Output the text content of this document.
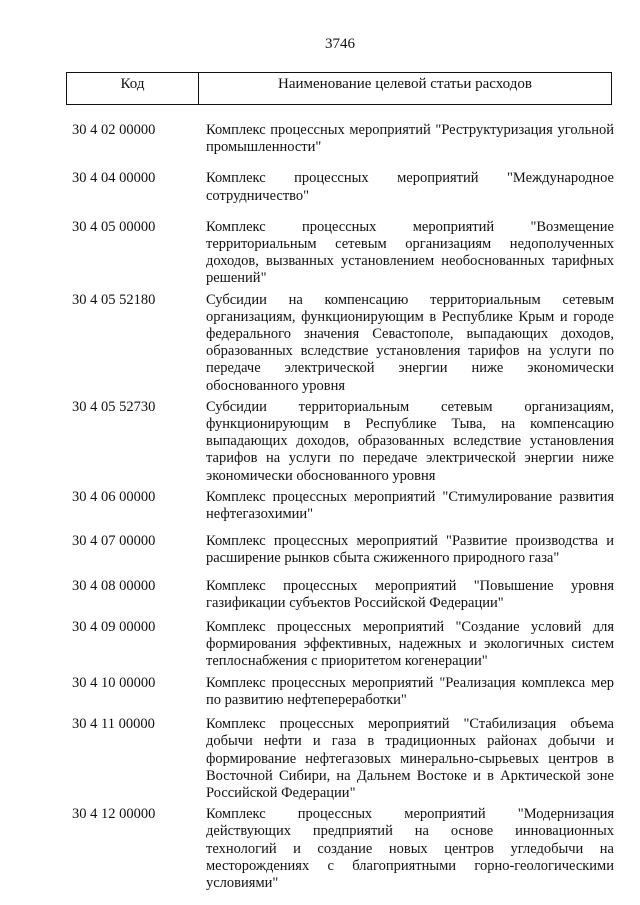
3746
Код	Наименование целевой статьи расходов
30 4 02 00000	Комплекс процессных мероприятий "Реструктуризация угольной промышленности"
30 4 04 00000	Комплекс процессных мероприятий "Международное сотрудничество"
30 4 05 00000	Комплекс процессных мероприятий "Возмещение территориальным сетевым организациям недополученных доходов, вызванных установлением необоснованных тарифных решений"
30 4 05 52180	Субсидии на компенсацию территориальным сетевым организациям, функционирующим в Республике Крым и городе федерального значения Севастополе, выпадающих доходов, образованных вследствие установления тарифов на услуги по передаче электрической энергии ниже экономически обоснованного уровня
30 4 05 52730	Субсидии территориальным сетевым организациям, функционирующим в Республике Тыва, на компенсацию выпадающих доходов, образованных вследствие установления тарифов на услуги по передаче электрической энергии ниже экономически обоснованного уровня
30 4 06 00000	Комплекс процессных мероприятий "Стимулирование развития нефтегазохимии"
30 4 07 00000	Комплекс процессных мероприятий "Развитие производства и расширение рынков сбыта сжиженного природного газа"
30 4 08 00000	Комплекс процессных мероприятий "Повышение уровня газификации субъектов Российской Федерации"
30 4 09 00000	Комплекс процессных мероприятий "Создание условий для формирования эффективных, надежных и экологичных систем теплоснабжения с приоритетом когенерации"
30 4 10 00000	Комплекс процессных мероприятий "Реализация комплекса мер по развитию нефтепереработки"
30 4 11 00000	Комплекс процессных мероприятий "Стабилизация объема добычи нефти и газа в традиционных районах добычи и формирование нефтегазовых минерально-сырьевых центров в Восточной Сибири, на Дальнем Востоке и в Арктической зоне Российской Федерации"
30 4 12 00000	Комплекс процессных мероприятий "Модернизация действующих предприятий на основе инновационных технологий и создание новых центров угледобычи на месторождениях с благоприятными горно-геологическими условиями"
